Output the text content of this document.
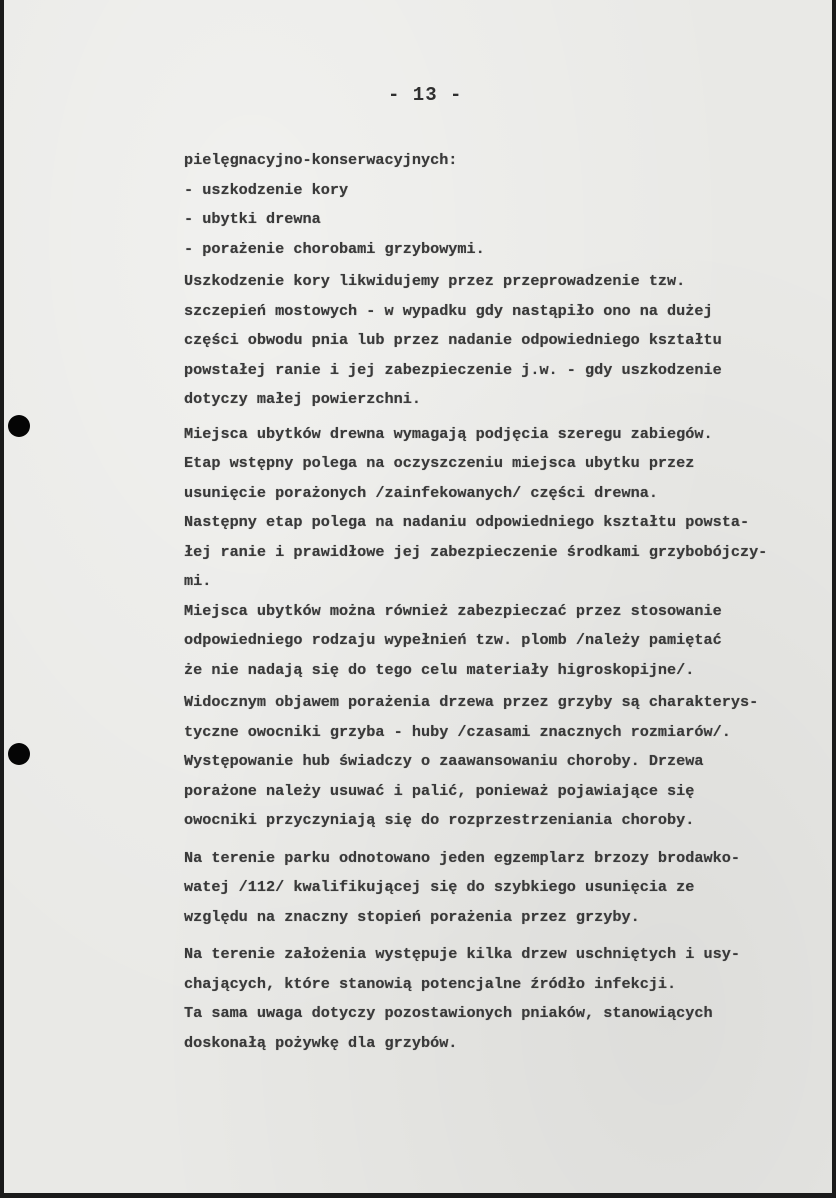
- 13 -
pielęgnacyjno-konserwacyjnych:
- uszkodzenie kory
- ubytki drewna
- porażenie chorobami grzybowymi.
Uszkodzenie kory likwidujemy przez przeprowadzenie tzw.
szczepień mostowych - w wypadku gdy nastąpiło ono na dużej
części obwodu pnia lub przez nadanie odpowiedniego kształtu
powstałej ranie i jej zabezpieczenie j.w. - gdy uszkodzenie
dotyczy małej powierzchni.
Miejsca ubytków drewna wymagają podjęcia szeregu zabiegów.
Etap wstępny polega na oczyszczeniu miejsca ubytku przez
usunięcie porażonych /zainfekowanych/ części drewna.
Następny etap polega na nadaniu odpowiedniego kształtu powsta-
łej ranie i prawidłowe jej zabezpieczenie środkami grzybobójczy-
mi.
Miejsca ubytków można również zabezpieczać przez stosowanie
odpowiedniego rodzaju wypełnień tzw. plomb /należy pamiętać
że nie nadają się do tego celu materiały higroskopijne/.
Widocznym objawem porażenia drzewa przez grzyby są charakterys-
tyczne owocniki grzyba - huby /czasami znacznych rozmiarów/.
Występowanie hub świadczy o zaawansowaniu choroby. Drzewa
porażone należy usuwać i palić, ponieważ pojawiające się
owocniki przyczyniają się do rozprzestrzeniania choroby.
Na terenie parku odnotowano jeden egzemplarz brzozy brodawko-
watej /112/ kwalifikującej się do szybkiego usunięcia ze
względu na znaczny stopień porażenia przez grzyby.
Na terenie założenia występuje kilka drzew uschniętych i usy-
chających, które stanowią potencjalne źródło infekcji.
Ta sama uwaga dotyczy pozostawionych pniaków, stanowiących
doskonałą pożywkę dla grzybów.
